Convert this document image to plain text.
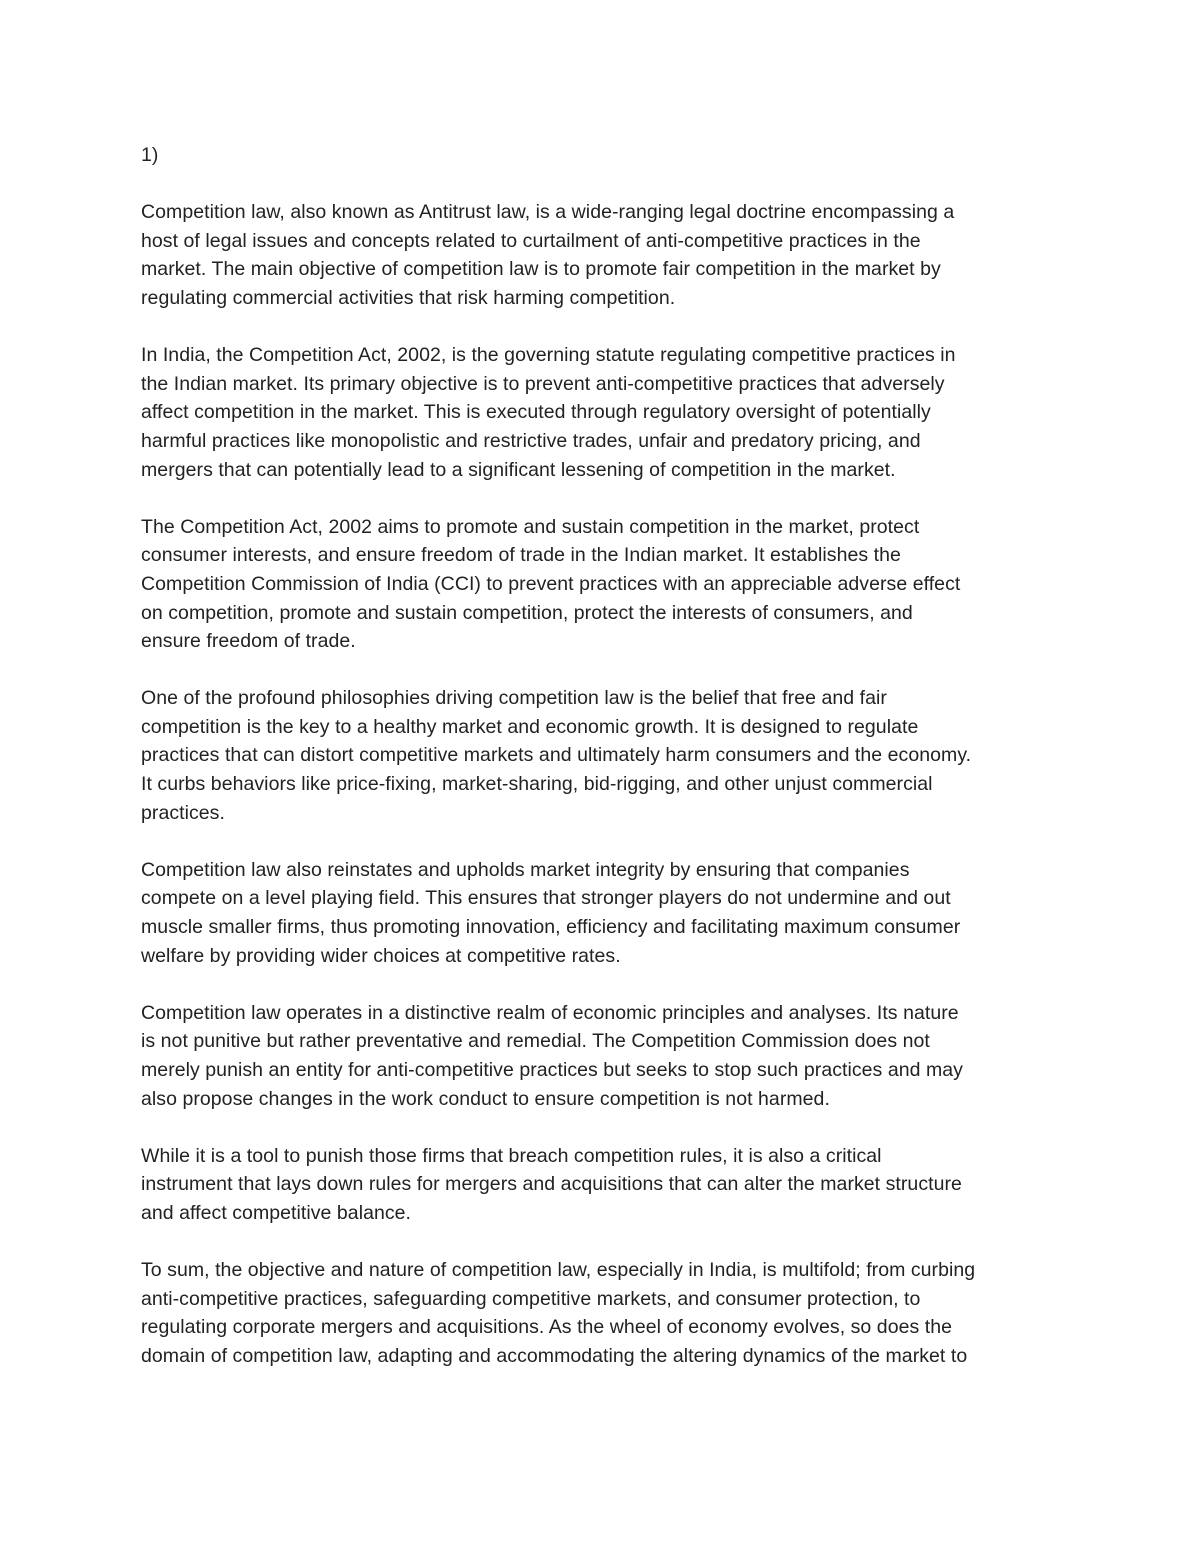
1)
Competition law, also known as Antitrust law, is a wide-ranging legal doctrine encompassing a
host of legal issues and concepts related to curtailment of anti-competitive practices in the
market. The main objective of competition law is to promote fair competition in the market by
regulating commercial activities that risk harming competition.
In India, the Competition Act, 2002, is the governing statute regulating competitive practices in
the Indian market. Its primary objective is to prevent anti-competitive practices that adversely
affect competition in the market. This is executed through regulatory oversight of potentially
harmful practices like monopolistic and restrictive trades, unfair and predatory pricing, and
mergers that can potentially lead to a significant lessening of competition in the market.
The Competition Act, 2002 aims to promote and sustain competition in the market, protect
consumer interests, and ensure freedom of trade in the Indian market. It establishes the
Competition Commission of India (CCI) to prevent practices with an appreciable adverse effect
on competition, promote and sustain competition, protect the interests of consumers, and
ensure freedom of trade.
One of the profound philosophies driving competition law is the belief that free and fair
competition is the key to a healthy market and economic growth. It is designed to regulate
practices that can distort competitive markets and ultimately harm consumers and the economy.
It curbs behaviors like price-fixing, market-sharing, bid-rigging, and other unjust commercial
practices.
Competition law also reinstates and upholds market integrity by ensuring that companies
compete on a level playing field. This ensures that stronger players do not undermine and out
muscle smaller firms, thus promoting innovation, efficiency and facilitating maximum consumer
welfare by providing wider choices at competitive rates.
Competition law operates in a distinctive realm of economic principles and analyses. Its nature
is not punitive but rather preventative and remedial. The Competition Commission does not
merely punish an entity for anti-competitive practices but seeks to stop such practices and may
also propose changes in the work conduct to ensure competition is not harmed.
While it is a tool to punish those firms that breach competition rules, it is also a critical
instrument that lays down rules for mergers and acquisitions that can alter the market structure
and affect competitive balance.
To sum, the objective and nature of competition law, especially in India, is multifold; from curbing
anti-competitive practices, safeguarding competitive markets, and consumer protection, to
regulating corporate mergers and acquisitions. As the wheel of economy evolves, so does the
domain of competition law, adapting and accommodating the altering dynamics of the market to
